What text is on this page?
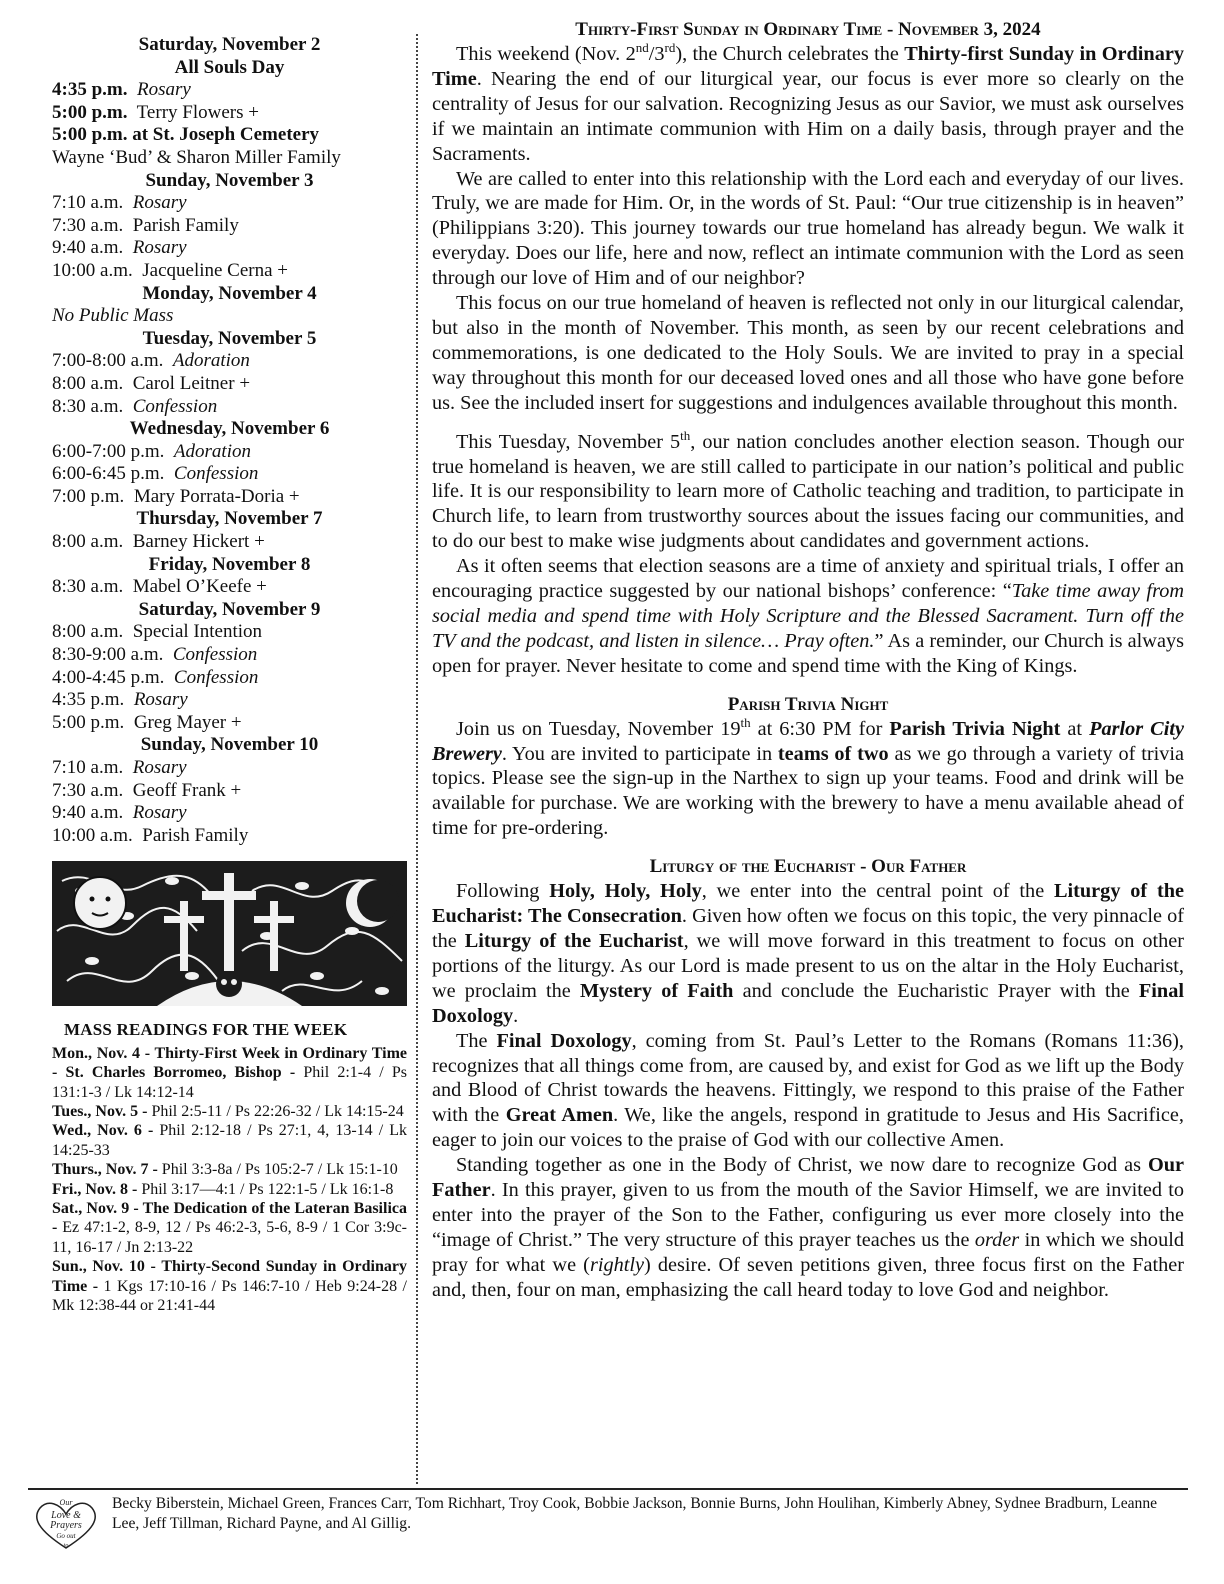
Saturday, November 2
All Souls Day
4:35 p.m. Rosary
5:00 p.m. Terry Flowers +
5:00 p.m. at St. Joseph Cemetery
Wayne ‘Bud’ & Sharon Miller Family
Sunday, November 3
7:10 a.m. Rosary
7:30 a.m. Parish Family
9:40 a.m. Rosary
10:00 a.m. Jacqueline Cerna +
Monday, November 4
No Public Mass
Tuesday, November 5
7:00-8:00 a.m. Adoration
8:00 a.m. Carol Leitner +
8:30 a.m. Confession
Wednesday, November 6
6:00-7:00 p.m. Adoration
6:00-6:45 p.m. Confession
7:00 p.m. Mary Porrata-Doria +
Thursday, November 7
8:00 a.m. Barney Hickert +
Friday, November 8
8:30 a.m. Mabel O’Keefe +
Saturday, November 9
8:00 a.m. Special Intention
8:30-9:00 a.m. Confession
4:00-4:45 p.m. Confession
4:35 p.m. Rosary
5:00 p.m. Greg Mayer +
Sunday, November 10
7:10 a.m. Rosary
7:30 a.m. Geoff Frank +
9:40 a.m. Rosary
10:00 a.m. Parish Family
MASS READINGS FOR THE WEEK
Mon., Nov. 4 - Thirty-First Week in Ordinary Time - St. Charles Borromeo, Bishop - Phil 2:1-4 / Ps 131:1-3 / Lk 14:12-14
Tues., Nov. 5 - Phil 2:5-11 / Ps 22:26-32 / Lk 14:15-24
Wed., Nov. 6 - Phil 2:12-18 / Ps 27:1, 4, 13-14 / Lk 14:25-33
Thurs., Nov. 7 - Phil 3:3-8a / Ps 105:2-7 / Lk 15:1-10
Fri., Nov. 8 - Phil 3:17—4:1 / Ps 122:1-5 / Lk 16:1-8
Sat., Nov. 9 - The Dedication of the Lateran Basilica - Ez 47:1-2, 8-9, 12 / Ps 46:2-3, 5-6, 8-9 / 1 Cor 3:9c-11, 16-17 / Jn 2:13-22
Sun., Nov. 10 - Thirty-Second Sunday in Ordinary Time - 1 Kgs 17:10-16 / Ps 146:7-10 / Heb 9:24-28 / Mk 12:38-44 or 21:41-44
Thirty-First Sunday in Ordinary Time - November 3, 2024

This weekend (Nov. 2nd/3rd), the Church celebrates the Thirty-first Sunday in Ordinary Time. Nearing the end of our liturgical year, our focus is ever more so clearly on the centrality of Jesus for our salvation. Recognizing Jesus as our Savior, we must ask ourselves if we maintain an intimate communion with Him on a daily basis, through prayer and the Sacraments.

We are called to enter into this relationship with the Lord each and everyday of our lives. Truly, we are made for Him. Or, in the words of St. Paul: “Our true citizenship is in heaven” (Philippians 3:20). This journey towards our true homeland has already begun. We walk it everyday. Does our life, here and now, reflect an intimate communion with the Lord as seen through our love of Him and of our neighbor?

This focus on our true homeland of heaven is reflected not only in our liturgical calendar, but also in the month of November. This month, as seen by our recent celebrations and commemorations, is one dedicated to the Holy Souls. We are invited to pray in a special way throughout this month for our deceased loved ones and all those who have gone before us. See the included insert for suggestions and indulgences available throughout this month.

This Tuesday, November 5th, our nation concludes another election season. Though our true homeland is heaven, we are still called to participate in our nation’s political and public life. It is our responsibility to learn more of Catholic teaching and tradition, to participate in Church life, to learn from trustworthy sources about the issues facing our communities, and to do our best to make wise judgments about candidates and government actions.

As it often seems that election seasons are a time of anxiety and spiritual trials, I offer an encouraging practice suggested by our national bishops’ conference: “Take time away from social media and spend time with Holy Scripture and the Blessed Sacrament. Turn off the TV and the podcast, and listen in silence… Pray often.” As a reminder, our Church is always open for prayer. Never hesitate to come and spend time with the King of Kings.

Parish Trivia Night

Join us on Tuesday, November 19th at 6:30 PM for Parish Trivia Night at Parlor City Brewery. You are invited to participate in teams of two as we go through a variety of trivia topics. Please see the sign-up in the Narthex to sign up your teams. Food and drink will be available for purchase. We are working with the brewery to have a menu available ahead of time for pre-ordering.

Liturgy of the Eucharist - Our Father

Following Holy, Holy, Holy, we enter into the central point of the Liturgy of the Eucharist: The Consecration. Given how often we focus on this topic, the very pinnacle of the Liturgy of the Eucharist, we will move forward in this treatment to focus on other portions of the liturgy. As our Lord is made present to us on the altar in the Holy Eucharist, we proclaim the Mystery of Faith and conclude the Eucharistic Prayer with the Final Doxology.

The Final Doxology, coming from St. Paul’s Letter to the Romans (Romans 11:36), recognizes that all things come from, are caused by, and exist for God as we lift up the Body and Blood of Christ towards the heavens. Fittingly, we respond to this praise of the Father with the Great Amen. We, like the angels, respond in gratitude to Jesus and His Sacrifice, eager to join our voices to the praise of God with our collective Amen.

Standing together as one in the Body of Christ, we now dare to recognize God as Our Father. In this prayer, given to us from the mouth of the Savior Himself, we are invited to enter into the prayer of the Son to the Father, configuring us ever more closely into the “image of Christ.” The very structure of this prayer teaches us the order in which we should pray for what we (rightly) desire. Of seven petitions given, three focus first on the Father and, then, four on man, emphasizing the call heard today to love God and neighbor.

Our Love & Prayers Go out to
Becky Biberstein, Michael Green, Frances Carr, Tom Richhart, Troy Cook, Bobbie Jackson, Bonnie Burns, John Houlihan, Kimberly Abney, Sydnee Bradburn, Leanne Lee, Jeff Tillman, Richard Payne, and Al Gillig.
